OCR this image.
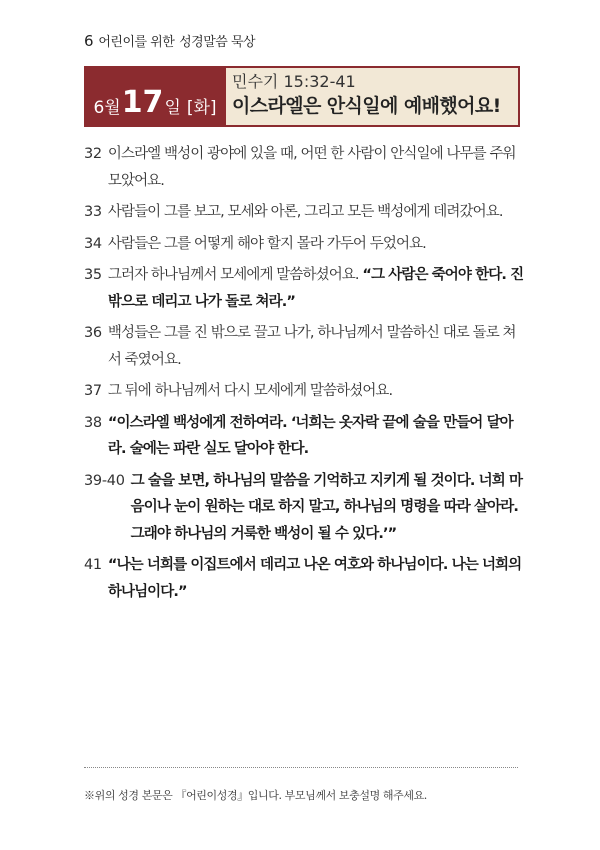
6 어린이를 위한 성경말씀 묵상
6월 17 일 [화]
민수기 15:32-41
이스라엘은 안식일에 예배했어요!
32 이스라엘 백성이 광야에 있을 때, 어떤 한 사람이 안식일에 나무를 주워 모았어요.
33 사람들이 그를 보고, 모세와 아론, 그리고 모든 백성에게 데려갔어요.
34 사람들은 그를 어떻게 해야 할지 몰라 가두어 두었어요.
35 그러자 하나님께서 모세에게 말씀하셨어요. “그 사람은 죽어야 한다. 진 밖으로 데리고 나가 돌로 쳐라.”
36 백성들은 그를 진 밖으로 끌고 나가, 하나님께서 말씀하신 대로 돌로 쳐서 죽였어요.
37 그 뒤에 하나님께서 다시 모세에게 말씀하셨어요.
38 “이스라엘 백성에게 전하여라. ‘너희는 옷자락 끝에 술을 만들어 달아라. 술에는 파란 실도 달아야 한다.
39-40 그 술을 보면, 하나님의 말씀을 기억하고 지키게 될 것이다. 너희 마음이나 눈이 원하는 대로 하지 말고, 하나님의 명령을 따라 살아라. 그래야 하나님의 거룩한 백성이 될 수 있다.’”
41 “나는 너희를 이집트에서 데리고 나온 여호와 하나님이다. 나는 너희의 하나님이다.”
※위의 성경 본문은 『어린이성경』입니다. 부모님께서 보충설명 해주세요.
